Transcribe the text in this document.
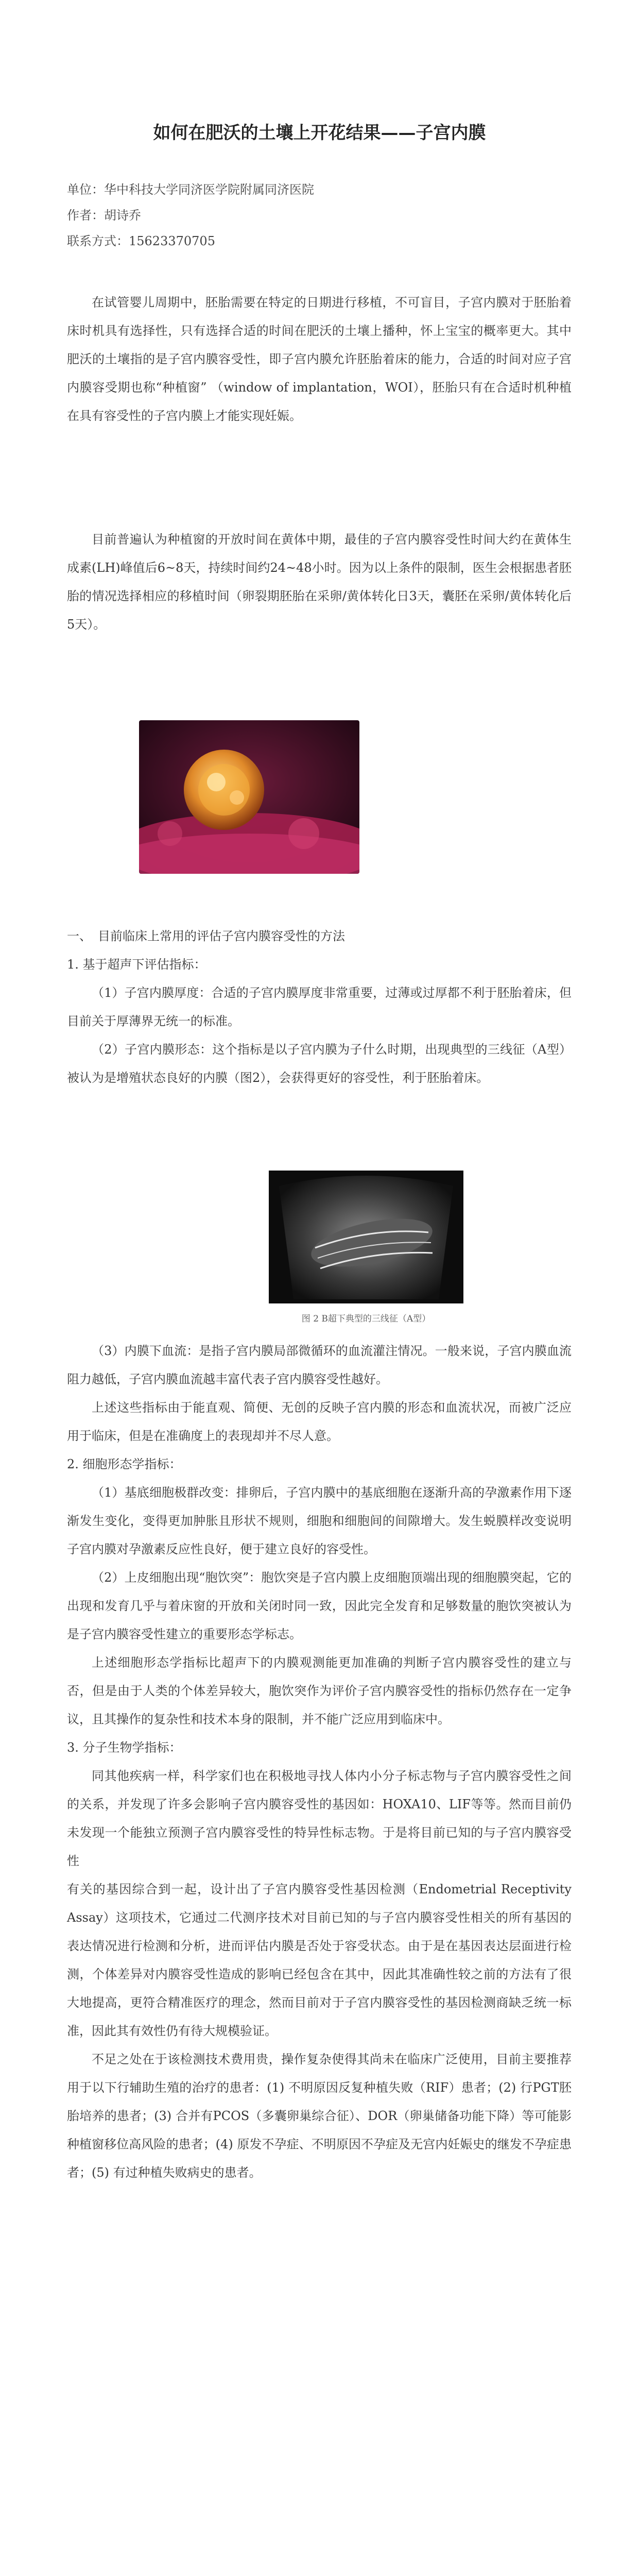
如何在肥沃的土壤上开花结果——子宫内膜
单位：华中科技大学同济医学院附属同济医院
作者：胡诗乔
联系方式：15623370705

在试管婴儿周期中，胚胎需要在特定的日期进行移植，不可盲目，子宫内膜对于胚胎着床时机具有选择性，只有选择合适的时间在肥沃的土壤上播种，怀上宝宝的概率更大。其中肥沃的土壤指的是子宫内膜容受性，即子宫内膜允许胚胎着床的能力，合适的时间对应子宫内膜容受期也称“种植窗” （window of implantation，WOI），胚胎只有在合适时机种植在具有容受性的子宫内膜上才能实现妊娠。

目前普遍认为种植窗的开放时间在黄体中期，最佳的子宫内膜容受性时间大约在黄体生成素(LH)峰值后6~8天，持续时间约24~48小时。因为以上条件的限制，医生会根据患者胚胎的情况选择相应的移植时间（卵裂期胚胎在采卵/黄体转化日3天，囊胚在采卵/黄体转化后5天）。

一、　目前临床上常用的评估子宫内膜容受性的方法

1. 基于超声下评估指标：

（1）子宫内膜厚度：合适的子宫内膜厚度非常重要，过薄或过厚都不利于胚胎着床，但目前关于厚薄界无统一的标准。

（2）子宫内膜形态：这个指标是以子宫内膜为子什么时期，出现典型的三线征（A型）被认为是增殖状态良好的内膜（图2），会获得更好的容受性，利于胚胎着床。

图 2 B超下典型的三线征（A型）

（3）内膜下血流：是指子宫内膜局部微循环的血流灌注情况。一般来说，子宫内膜血流阻力越低，子宫内膜血流越丰富代表子宫内膜容受性越好。

上述这些指标由于能直观、简便、无创的反映子宫内膜的形态和血流状况，而被广泛应用于临床，但是在准确度上的表现却并不尽人意。

2. 细胞形态学指标：

（1）基底细胞极群改变：排卵后，子宫内膜中的基底细胞在逐渐升高的孕激素作用下逐渐发生变化，变得更加肿胀且形状不规则，细胞和细胞间的间隙增大。发生蜕膜样改变说明子宫内膜对孕激素反应性良好，便于建立良好的容受性。

（2）上皮细胞出现“胞饮突”：胞饮突是子宫内膜上皮细胞顶端出现的细胞膜突起，它的出现和发育几乎与着床窗的开放和关闭时同一致，因此完全发育和足够数量的胞饮突被认为是子宫内膜容受性建立的重要形态学标志。

上述细胞形态学指标比超声下的内膜观测能更加准确的判断子宫内膜容受性的建立与否，但是由于人类的个体差异较大，胞饮突作为评价子宫内膜容受性的指标仍然存在一定争议，且其操作的复杂性和技术本身的限制，并不能广泛应用到临床中。

3. 分子生物学指标：

同其他疾病一样，科学家们也在积极地寻找人体内小分子标志物与子宫内膜容受性之间的关系，并发现了许多会影响子宫内膜容受性的基因如：HOXA10、LIF等等。然而目前仍未发现一个能独立预测子宫内膜容受性的特异性标志物。于是将目前已知的与子宫内膜容受性

有关的基因综合到一起，设计出了子宫内膜容受性基因检测（Endometrial Receptivity Assay）这项技术，它通过二代测序技术对目前已知的与子宫内膜容受性相关的所有基因的表达情况进行检测和分析，进而评估内膜是否处于容受状态。由于是在基因表达层面进行检测，个体差异对内膜容受性造成的影响已经包含在其中，因此其准确性较之前的方法有了很大地提高，更符合精准医疗的理念，然而目前对于子宫内膜容受性的基因检测商缺乏统一标准，因此其有效性仍有待大规模验证。

不足之处在于该检测技术费用贵，操作复杂使得其尚未在临床广泛使用，目前主要推荐用于以下行辅助生殖的治疗的患者：(1) 不明原因反复种植失败（RIF）患者；(2) 行PGT胚胎培养的患者；(3) 合并有PCOS（多囊卵巢综合征）、DOR（卵巢储备功能下降）等可能影种植窗移位高风险的患者；(4) 原发不孕症、不明原因不孕症及无宫内妊娠史的继发不孕症患者；(5) 有过种植失败病史的患者。
